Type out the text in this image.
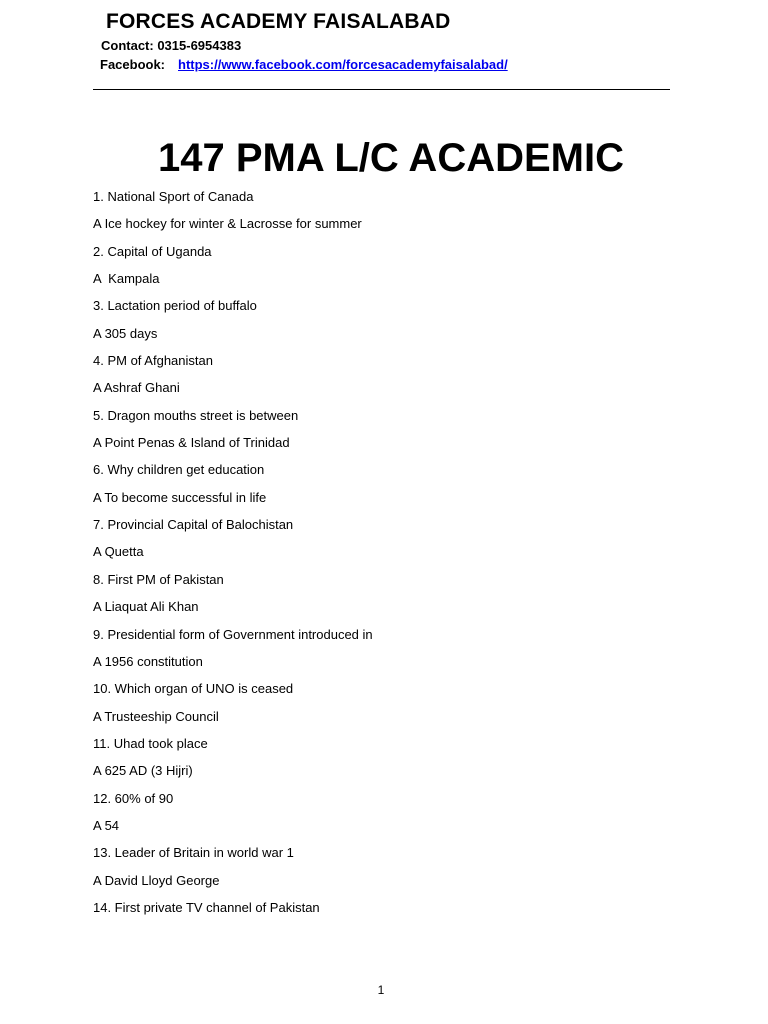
FORCES ACADEMY FAISALABAD
Contact: 0315-6954383
Facebook: https://www.facebook.com/forcesacademyfaisalabad/
147 PMA L/C ACADEMIC
1. National Sport of Canada
A Ice hockey for winter & Lacrosse for summer
2. Capital of Uganda
A  Kampala
3. Lactation period of buffalo
A 305 days
4. PM of Afghanistan
A Ashraf Ghani
5. Dragon mouths street is between
A Point Penas & Island of Trinidad
6. Why children get education
A To become successful in life
7. Provincial Capital of Balochistan
A Quetta
8. First PM of Pakistan
A Liaquat Ali Khan
9. Presidential form of Government introduced in
A 1956 constitution
10. Which organ of UNO is ceased
A Trusteeship Council
11. Uhad took place
A 625 AD (3 Hijri)
12. 60% of 90
A 54
13. Leader of Britain in world war 1
A David Lloyd George
14. First private TV channel of Pakistan
1
